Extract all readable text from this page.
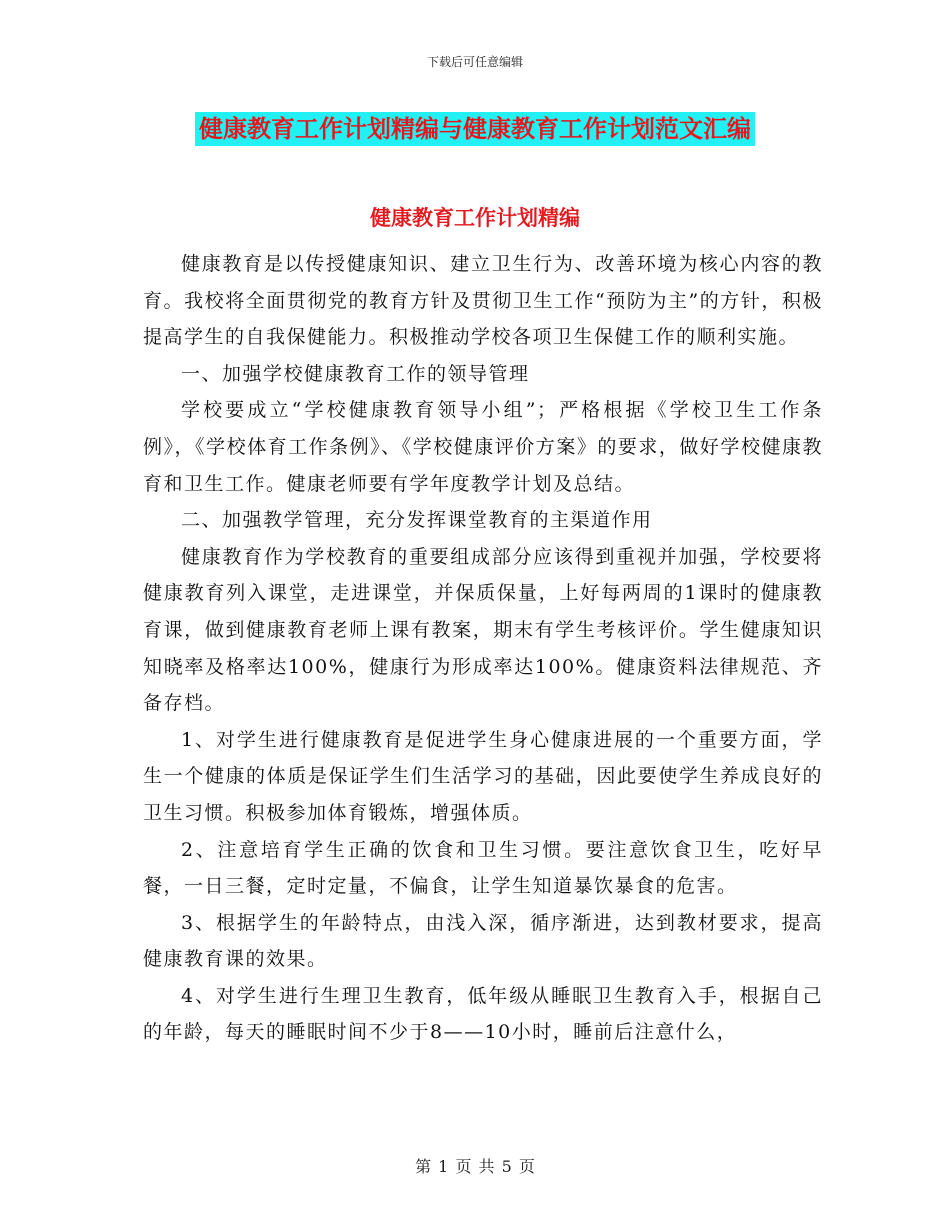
下载后可任意编辑
健康教育工作计划精编与健康教育工作计划范文汇编
健康教育工作计划精编

健康教育是以传授健康知识、建立卫生行为、改善环境为核心内容的教育。我校将全面贯彻党的教育方针及贯彻卫生工作“预防为主”的方针，积极提高学生的自我保健能力。积极推动学校各项卫生保健工作的顺利实施。

一、加强学校健康教育工作的领导管理

学校要成立“学校健康教育领导小组”；严格根据《学校卫生工作条例》，《学校体育工作条例》、《学校健康评价方案》的要求，做好学校健康教育和卫生工作。健康老师要有学年度教学计划及总结。

二、加强教学管理，充分发挥课堂教育的主渠道作用

健康教育作为学校教育的重要组成部分应该得到重视并加强，学校要将健康教育列入课堂，走进课堂，并保质保量，上好每两周的1课时的健康教育课，做到健康教育老师上课有教案，期末有学生考核评价。学生健康知识知晓率及格率达100%，健康行为形成率达100%。健康资料法律规范、齐备存档。

1、对学生进行健康教育是促进学生身心健康进展的一个重要方面，学生一个健康的体质是保证学生们生活学习的基础，因此要使学生养成良好的卫生习惯。积极参加体育锻炼，增强体质。

2、注意培育学生正确的饮食和卫生习惯。要注意饮食卫生，吃好早餐，一日三餐，定时定量，不偏食，让学生知道暴饮暴食的危害。

3、根据学生的年龄特点，由浅入深，循序渐进，达到教材要求，提高健康教育课的效果。

4、对学生进行生理卫生教育，低年级从睡眠卫生教育入手，根据自己的年龄，每天的睡眠时间不少于8——10小时，睡前后注意什么，

第 1 页 共 5 页
